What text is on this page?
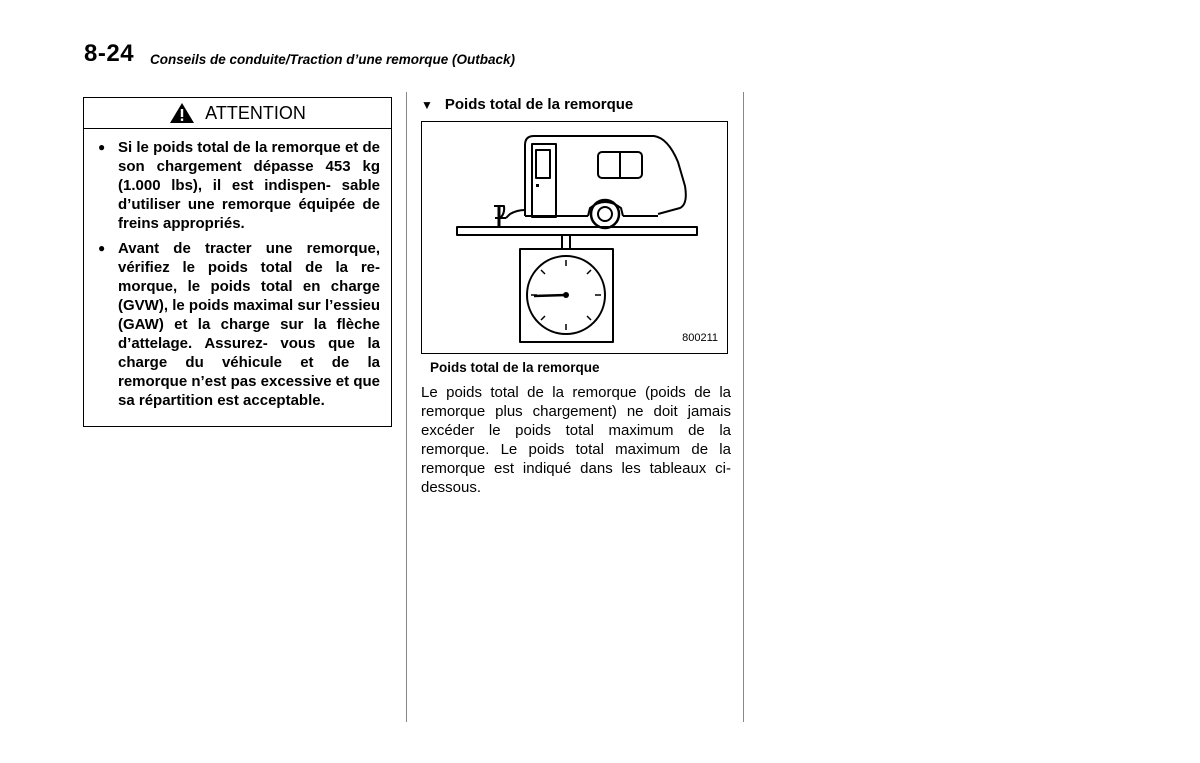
8-24 Conseils de conduite/Traction d’une remorque (Outback)
ATTENTION
● Si le poids total de la remorque et de son chargement dépasse 453 kg (1.000 lbs), il est indispen- sable d’utiliser une remorque équipée de freins appropriés.
● Avant de tracter une remorque, vérifiez le poids total de la re- morque, le poids total en charge (GVW), le poids maximal sur l’essieu (GAW) et la charge sur la flèche d’attelage. Assurez- vous que la charge du véhicule et de la remorque n’est pas excessive et que sa répartition est acceptable.
▼ Poids total de la remorque
800211
Poids total de la remorque
Le poids total de la remorque (poids de la remorque plus chargement) ne doit jamais excéder le poids total maximum de la remorque. Le poids total maximum de la remorque est indiqué dans les tableaux ci- dessous.
